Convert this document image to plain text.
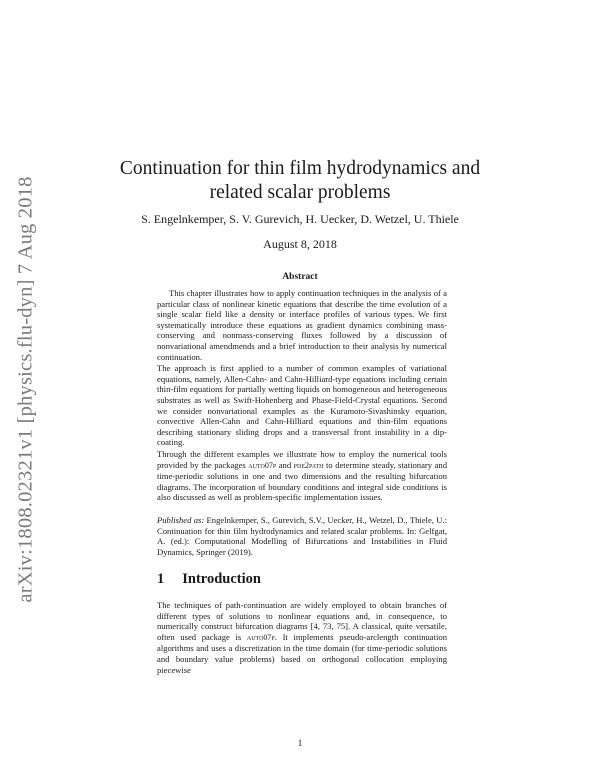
arXiv:1808.02321v1 [physics.flu-dyn] 7 Aug 2018
Continuation for thin film hydrodynamics and related scalar problems
S. Engelnkemper, S. V. Gurevich, H. Uecker, D. Wetzel, U. Thiele
August 8, 2018
Abstract

This chapter illustrates how to apply continuation techniques in the analysis of a particular class of nonlinear kinetic equations that describe the time evolution of a single scalar field like a density or interface profiles of various types. We first systematically introduce these equations as gradient dynamics combining mass-conserving and nonmass-conserving fluxes followed by a discussion of nonvariational amendmends and a brief introduction to their analysis by numerical continuation.

The approach is first applied to a number of common examples of variational equations, namely, Allen-Cahn- and Cahn-Hilliard-type equations including certain thin-film equations for partially wetting liquids on homogeneous and heterogeneous substrates as well as Swift-Hohenberg and Phase-Field-Crystal equations. Second we consider nonvariational examples as the Kuramoto-Sivashinsky equation, convective Allen-Cahn and Cahn-Hilliard equations and thin-film equations describing stationary sliding drops and a transversal front instability in a dip-coating.

Through the different examples we illustrate how to employ the numerical tools provided by the packages auto07p and pde2path to determine steady, stationary and time-periodic solutions in one and two dimensions and the resulting bifurcation diagrams. The incorporation of boundary conditions and integral side conditions is also discussed as well as problem-specific implementation issues.

Published as: Engelnkemper, S., Gurevich, S.V., Uecker, H., Wetzel, D., Thiele, U.: Continuation for thin film hydrodynamics and related scalar problems. In: Gelfgat, A. (ed.): Computational Modelling of Bifurcations and Instabilities in Fluid Dynamics, Springer (2019).
1 Introduction
The techniques of path-continuation are widely employed to obtain branches of different types of solutions to nonlinear equations and, in consequence, to numerically construct bifurcation diagrams [4, 73, 75]. A classical, quite versatile, often used package is auto07p. It implements pseudo-arclength continuation algorithms and uses a discretization in the time domain (for time-periodic solutions and boundary value problems) based on orthogonal collocation employing piecewise
1
